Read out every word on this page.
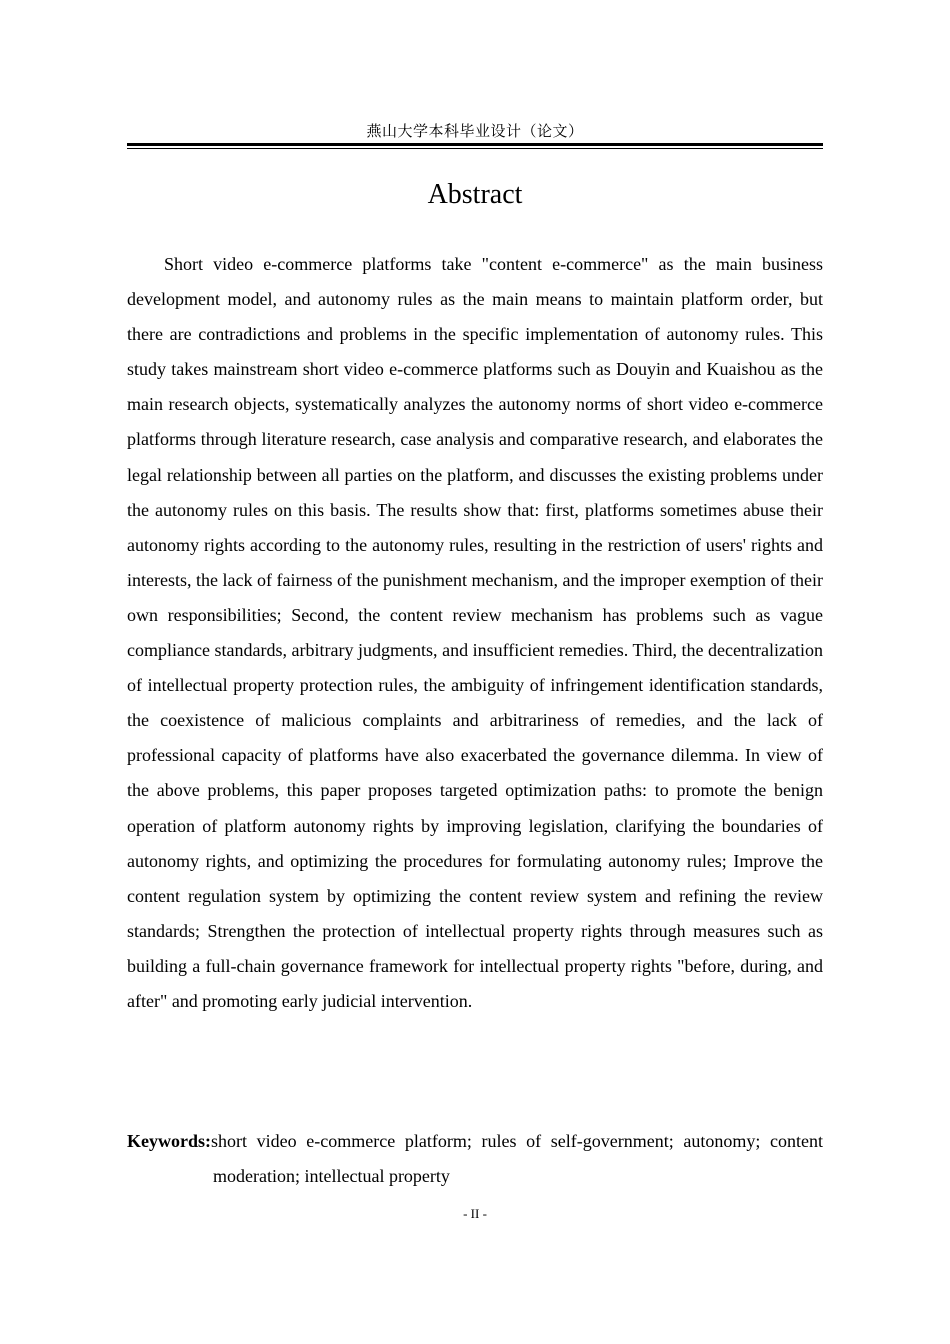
燕山大学本科毕业设计（论文）
Abstract

Short video e-commerce platforms take "content e-commerce" as the main business development model, and autonomy rules as the main means to maintain platform order, but there are contradictions and problems in the specific implementation of autonomy rules. This study takes mainstream short video e-commerce platforms such as Douyin and Kuaishou as the main research objects, systematically analyzes the autonomy norms of short video e-commerce platforms through literature research, case analysis and comparative research, and elaborates the legal relationship between all parties on the platform, and discusses the existing problems under the autonomy rules on this basis. The results show that: first, platforms sometimes abuse their autonomy rights according to the autonomy rules, resulting in the restriction of users' rights and interests, the lack of fairness of the punishment mechanism, and the improper exemption of their own responsibilities; Second, the content review mechanism has problems such as vague compliance standards, arbitrary judgments, and insufficient remedies. Third, the decentralization of intellectual property protection rules, the ambiguity of infringement identification standards, the coexistence of malicious complaints and arbitrariness of remedies, and the lack of professional capacity of platforms have also exacerbated the governance dilemma. In view of the above problems, this paper proposes targeted optimization paths: to promote the benign operation of platform autonomy rights by improving legislation, clarifying the boundaries of autonomy rights, and optimizing the procedures for formulating autonomy rules; Improve the content regulation system by optimizing the content review system and refining the review standards; Strengthen the protection of intellectual property rights through measures such as building a full-chain governance framework for intellectual property rights "before, during, and after" and promoting early judicial intervention.

Keywords:short video e-commerce platform; rules of self-government; autonomy; content moderation; intellectual property
- II -
